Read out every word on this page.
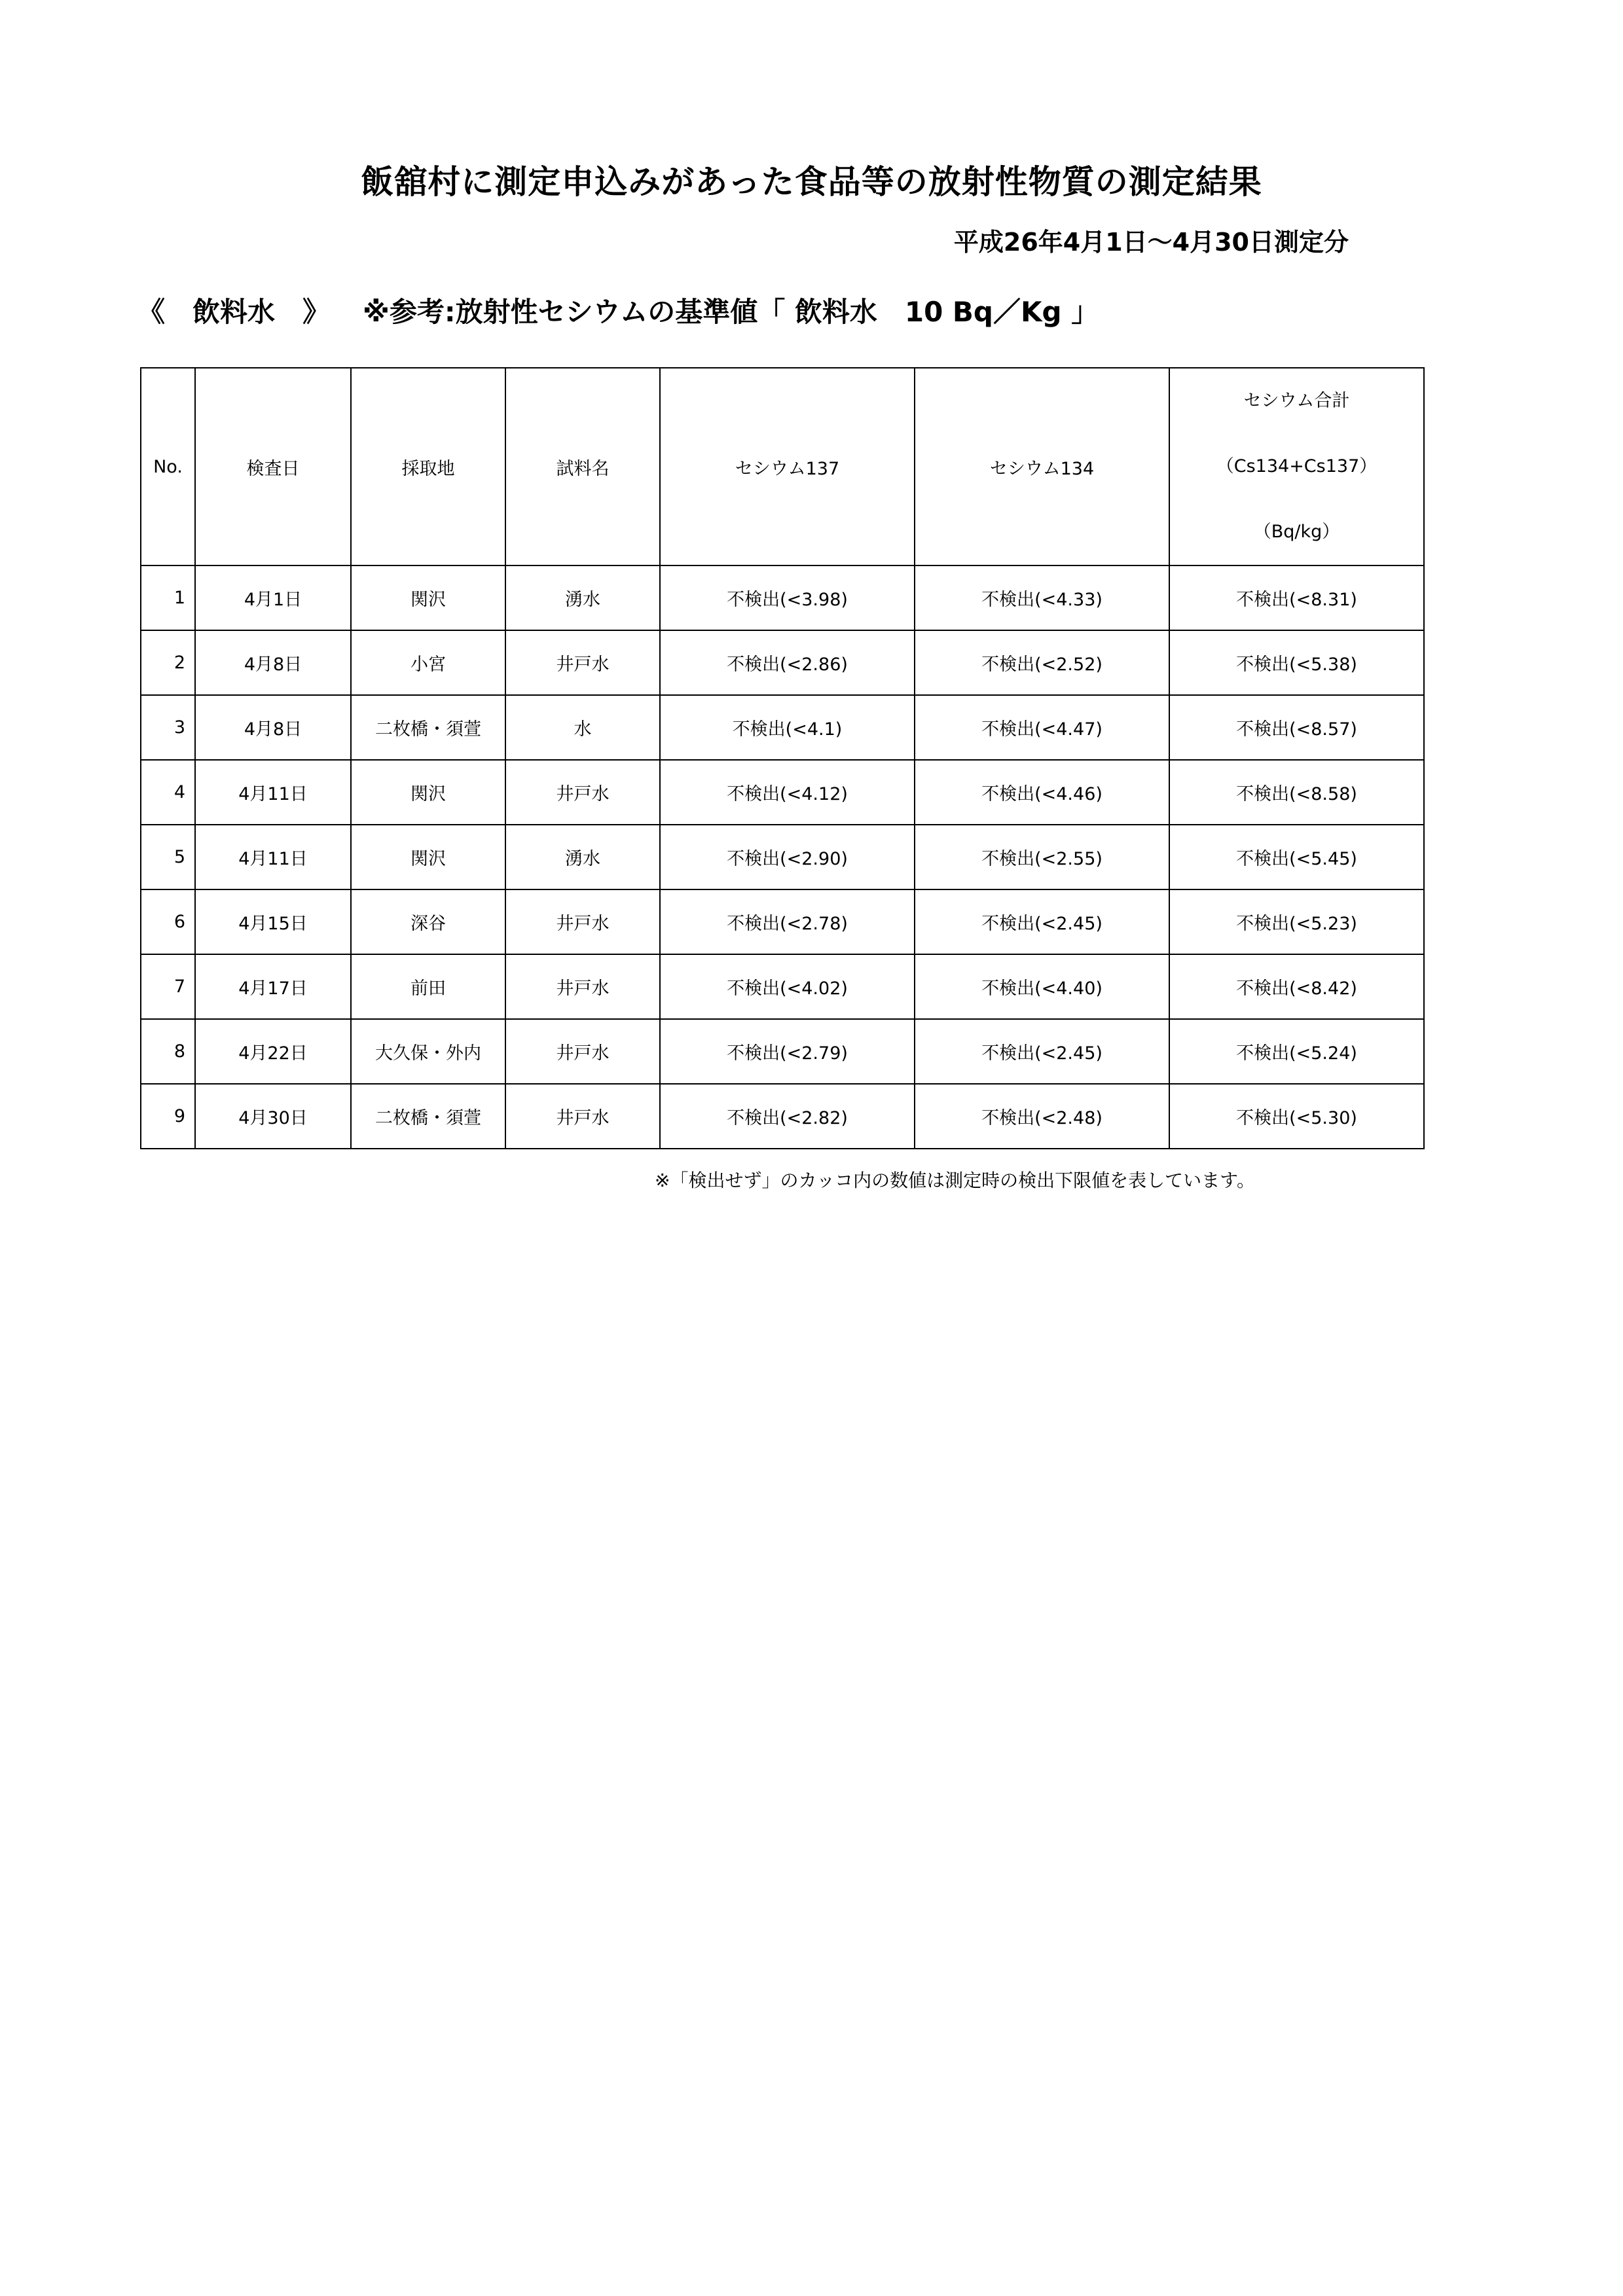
飯舘村に測定申込みがあった食品等の放射性物質の測定結果
平成26年4月1日～4月30日測定分
《　飲料水　》 ※参考:放射性セシウムの基準値「 飲料水　10 Bq／Kg 」
No.	検査日	採取地	試料名	セシウム137	セシウム134	セシウム合計
（Cs134+Cs137）
（Bq/kg）

1	4月1日	関沢	湧水	不検出(<3.98)	不検出(<4.33)	不検出(<8.31)
2	4月8日	小宮	井戸水	不検出(<2.86)	不検出(<2.52)	不検出(<5.38)
3	4月8日	二枚橋・須萱	水	不検出(<4.1)	不検出(<4.47)	不検出(<8.57)
4	4月11日	関沢	井戸水	不検出(<4.12)	不検出(<4.46)	不検出(<8.58)
5	4月11日	関沢	湧水	不検出(<2.90)	不検出(<2.55)	不検出(<5.45)
6	4月15日	深谷	井戸水	不検出(<2.78)	不検出(<2.45)	不検出(<5.23)
7	4月17日	前田	井戸水	不検出(<4.02)	不検出(<4.40)	不検出(<8.42)
8	4月22日	大久保・外内	井戸水	不検出(<2.79)	不検出(<2.45)	不検出(<5.24)
9	4月30日	二枚橋・須萱	井戸水	不検出(<2.82)	不検出(<2.48)	不検出(<5.30)
※「検出せず」のカッコ内の数値は測定時の検出下限値を表しています。
